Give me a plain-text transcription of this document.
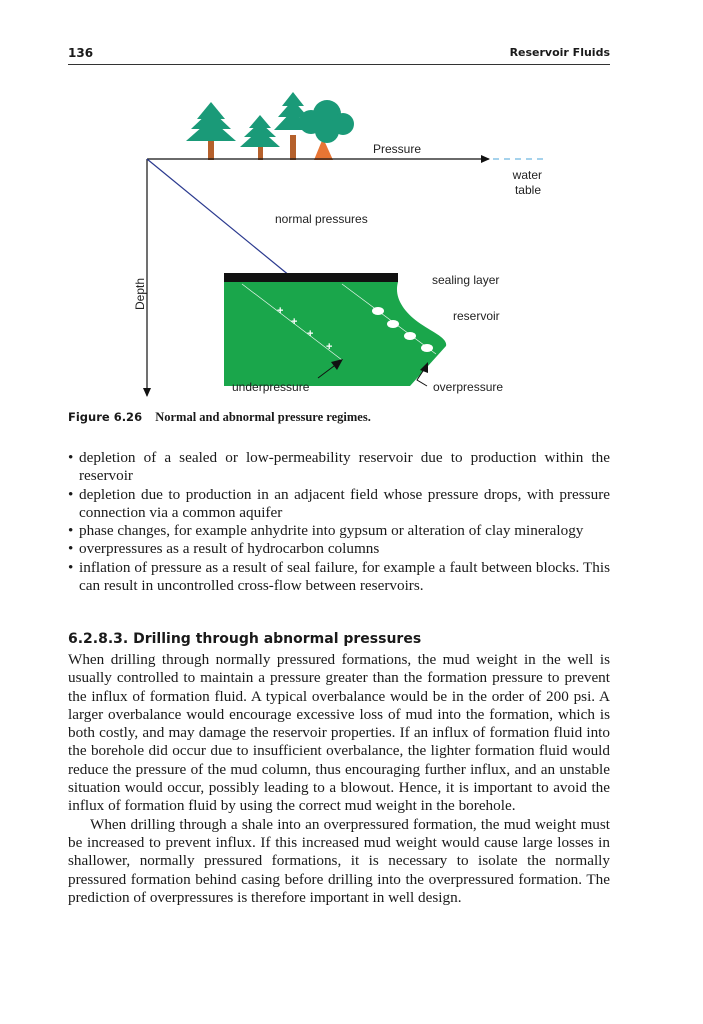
136	Reservoir Fluids
+
+
+
+
Pressure
water
table
normal pressures
sealing layer
reservoir
Depth
underpressure	overpressure
Figure 6.26 Normal and abnormal pressure regimes.
• depletion of a sealed or low-permeability reservoir due to production within the reservoir
• depletion due to production in an adjacent field whose pressure drops, with pressure connection via a common aquifer
• phase changes, for example anhydrite into gypsum or alteration of clay mineralogy
• overpressures as a result of hydrocarbon columns
• inflation of pressure as a result of seal failure, for example a fault between blocks. This can result in uncontrolled cross-flow between reservoirs.
6.2.8.3. Drilling through abnormal pressures

When drilling through normally pressured formations, the mud weight in the well is usually controlled to maintain a pressure greater than the formation pressure to prevent the influx of formation fluid. A typical overbalance would be in the order of 200 psi. A larger overbalance would encourage excessive loss of mud into the formation, which is both costly, and may damage the reservoir properties. If an influx of formation fluid into the borehole did occur due to insufficient overbalance, the lighter formation fluid would reduce the pressure of the mud column, thus encouraging further influx, and an unstable situation would occur, possibly leading to a blowout. Hence, it is important to avoid the influx of formation fluid by using the correct mud weight in the borehole.

When drilling through a shale into an overpressured formation, the mud weight must be increased to prevent influx. If this increased mud weight would cause large losses in shallower, normally pressured formations, it is necessary to isolate the normally pressured formation behind casing before drilling into the overpressured formation. The prediction of overpressures is therefore important in well design.
